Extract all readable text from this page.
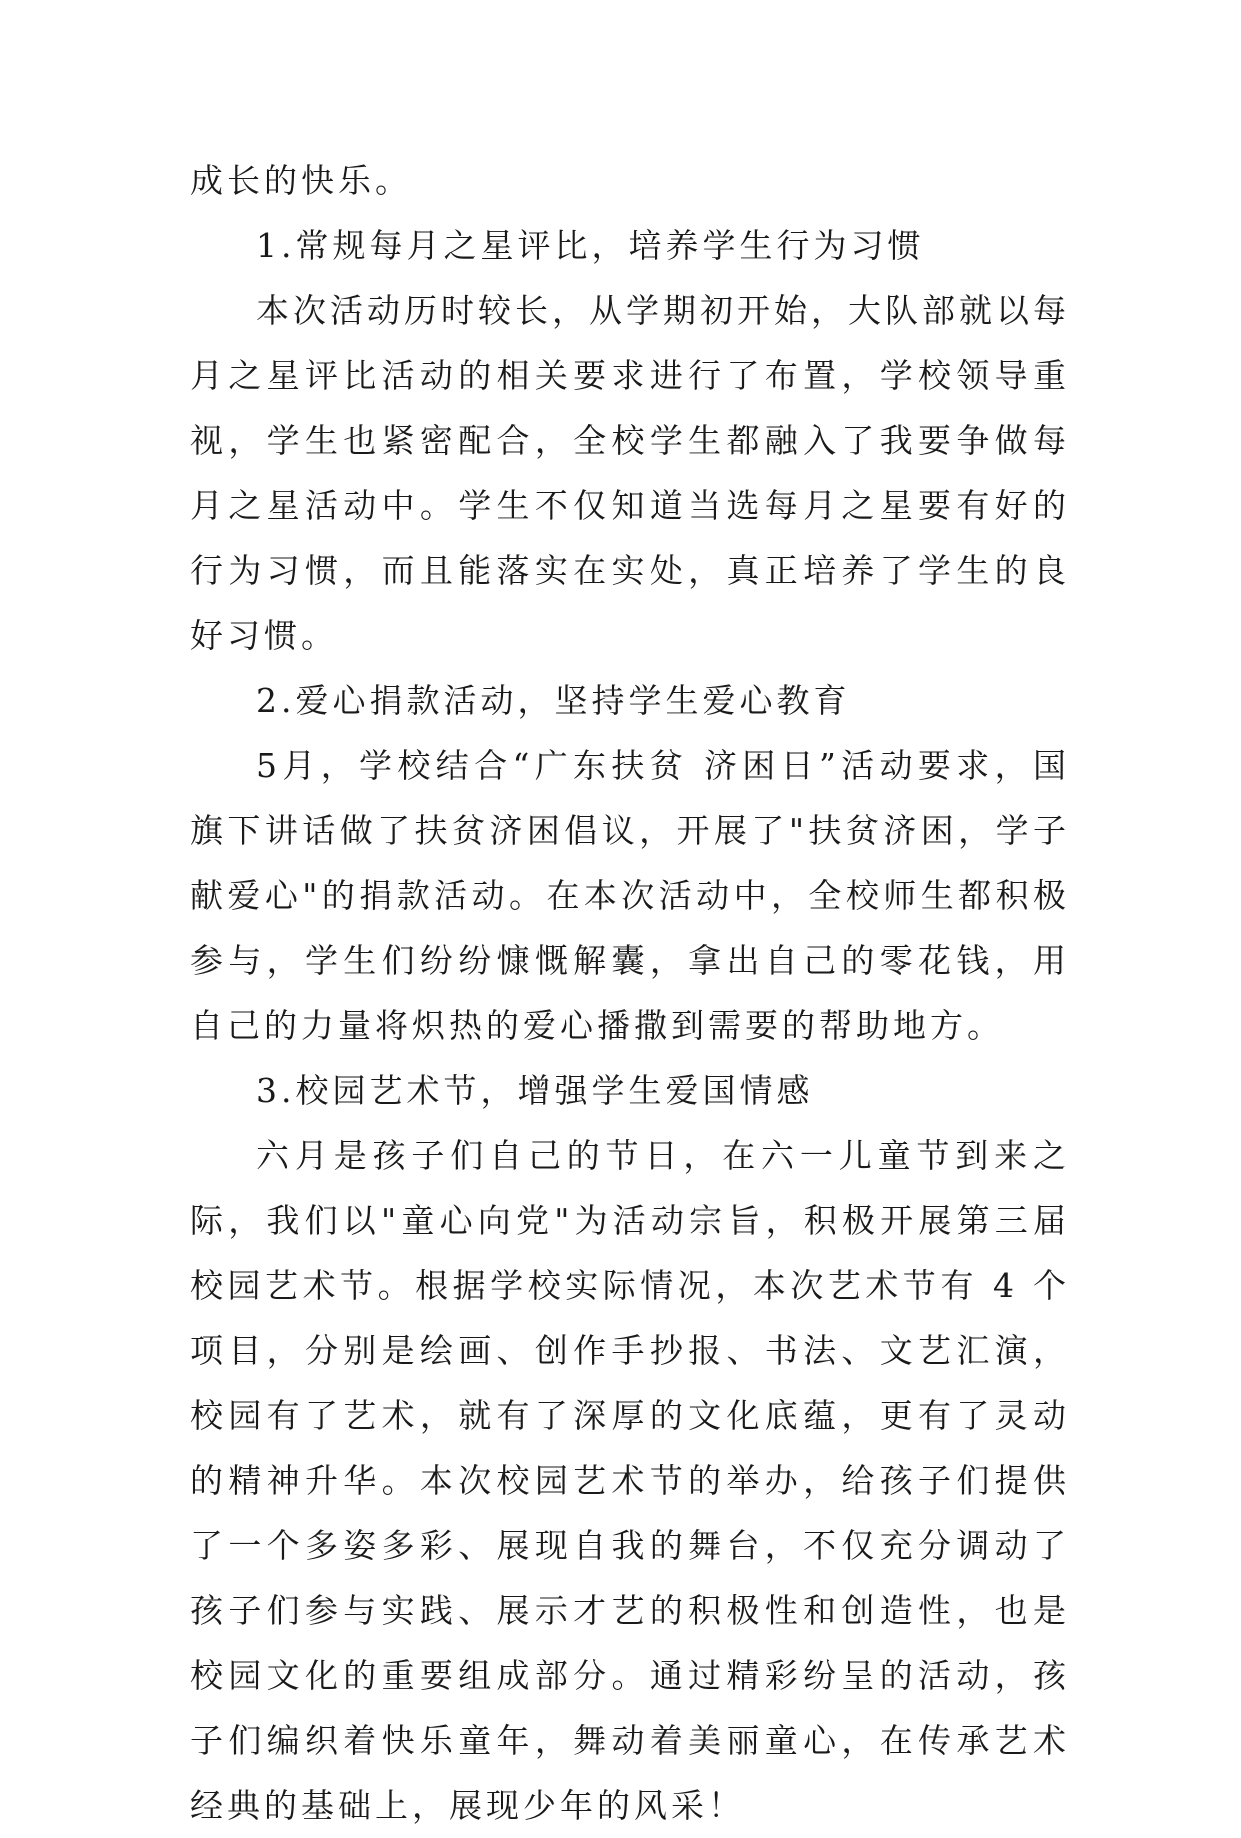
成长的快乐。

1.常规每月之星评比，培养学生行为习惯

本次活动历时较长，从学期初开始，大队部就以每月之星评比活动的相关要求进行了布置，学校领导重视，学生也紧密配合，全校学生都融入了我要争做每月之星活动中。学生不仅知道当选每月之星要有好的行为习惯，而且能落实在实处，真正培养了学生的良好习惯。

2.爱心捐款活动，坚持学生爱心教育

5月，学校结合“广东扶贫 济困日”活动要求，国旗下讲话做了扶贫济困倡议，开展了"扶贫济困，学子献爱心"的捐款活动。在本次活动中，全校师生都积极参与，学生们纷纷慷慨解囊，拿出自己的零花钱，用自己的力量将炽热的爱心播撒到需要的帮助地方。

3.校园艺术节，增强学生爱国情感

六月是孩子们自己的节日，在六一儿童节到来之际，我们以"童心向党"为活动宗旨，积极开展第三届校园艺术节。根据学校实际情况，本次艺术节有 4 个项目，分别是绘画、创作手抄报、书法、文艺汇演，校园有了艺术，就有了深厚的文化底蕴，更有了灵动的精神升华。本次校园艺术节的举办，给孩子们提供了一个多姿多彩、展现自我的舞台，不仅充分调动了孩子们参与实践、展示才艺的积极性和创造性，也是校园文化的重要组成部分。通过精彩纷呈的活动，孩子们编织着快乐童年，舞动着美丽童心，在传承艺术经典的基础上，展现少年的风采！
